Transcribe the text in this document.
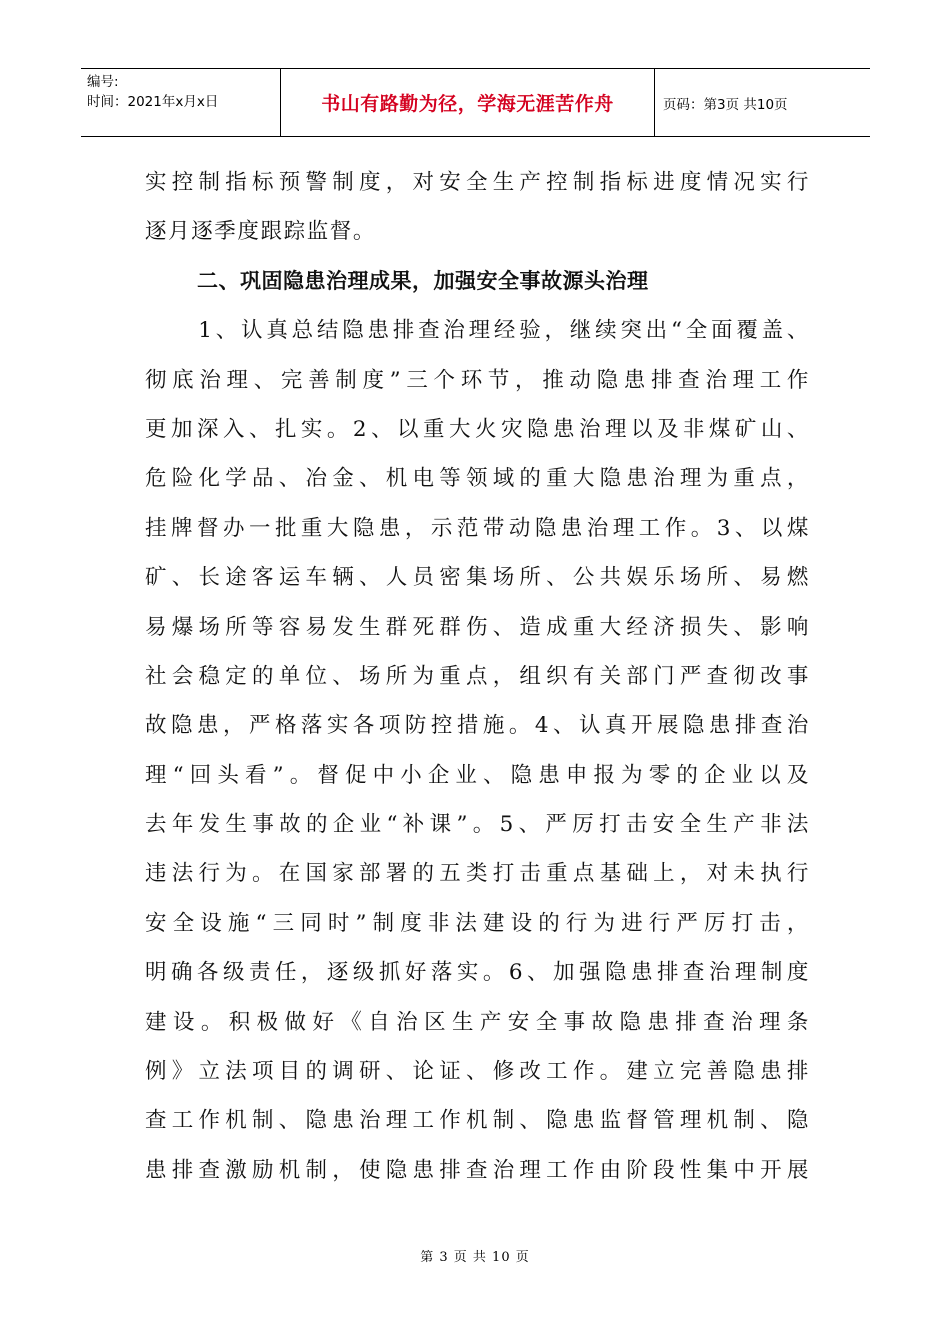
编号:
时间：2021年x月x日	书山有路勤为径，学海无涯苦作舟	页码：第3页 共10页
实控制指标预警制度，对安全生产控制指标进度情况实行
逐月逐季度跟踪监督。
二、巩固隐患治理成果，加强安全事故源头治理
　1、认真总结隐患排查治理经验，继续突出“全面覆盖、
彻底治理、完善制度”三个环节，推动隐患排查治理工作
更加深入、扎实。2、以重大火灾隐患治理以及非煤矿山、
危险化学品、冶金、机电等领域的重大隐患治理为重点，
挂牌督办一批重大隐患，示范带动隐患治理工作。3、以煤
矿、长途客运车辆、人员密集场所、公共娱乐场所、易燃
易爆场所等容易发生群死群伤、造成重大经济损失、影响
社会稳定的单位、场所为重点，组织有关部门严查彻改事
故隐患，严格落实各项防控措施。4、认真开展隐患排查治
理“回头看”。督促中小企业、隐患申报为零的企业以及
去年发生事故的企业“补课”。5、严厉打击安全生产非法
违法行为。在国家部署的五类打击重点基础上，对未执行
安全设施“三同时”制度非法建设的行为进行严厉打击，
明确各级责任，逐级抓好落实。6、加强隐患排查治理制度
建设。积极做好《自治区生产安全事故隐患排查治理条
例》立法项目的调研、论证、修改工作。建立完善隐患排
查工作机制、隐患治理工作机制、隐患监督管理机制、隐
患排查激励机制，使隐患排查治理工作由阶段性集中开展
第 3 页 共 10 页
